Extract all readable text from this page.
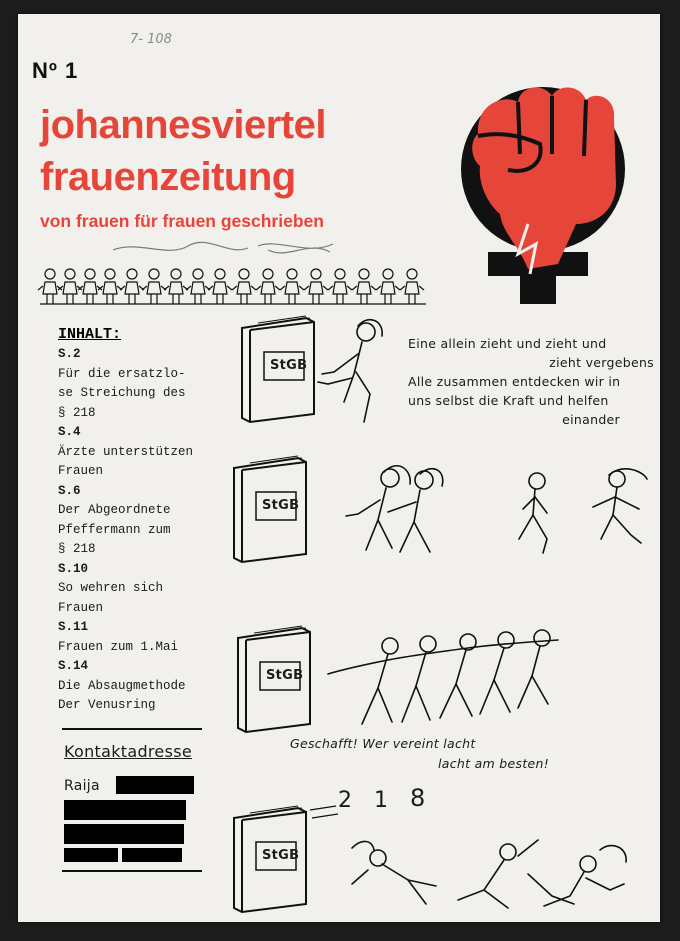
7- 108
Nº 1
johannesviertel
frauenzeitung
von frauen für frauen geschrieben
INHALT:
S.2
Für die ersatzlo-
se Streichung des
§ 218
S.4
Ärzte unterstützen
Frauen
S.6
Der Abgeordnete
Pfeffermann zum
§ 218
S.10
So wehren sich
Frauen
S.11
Frauen zum 1.Mai
S.14
Die Absaugmethode
Der Venusring
Kontaktadresse
Raija
Eine allein zieht und zieht und
zieht vergebens
Alle zusammen entdecken wir in
uns selbst die Kraft und helfen
einander
Geschafft! Wer vereint lacht
lacht am besten!
2 1 8
StGB
StGB
StGB
StGB
